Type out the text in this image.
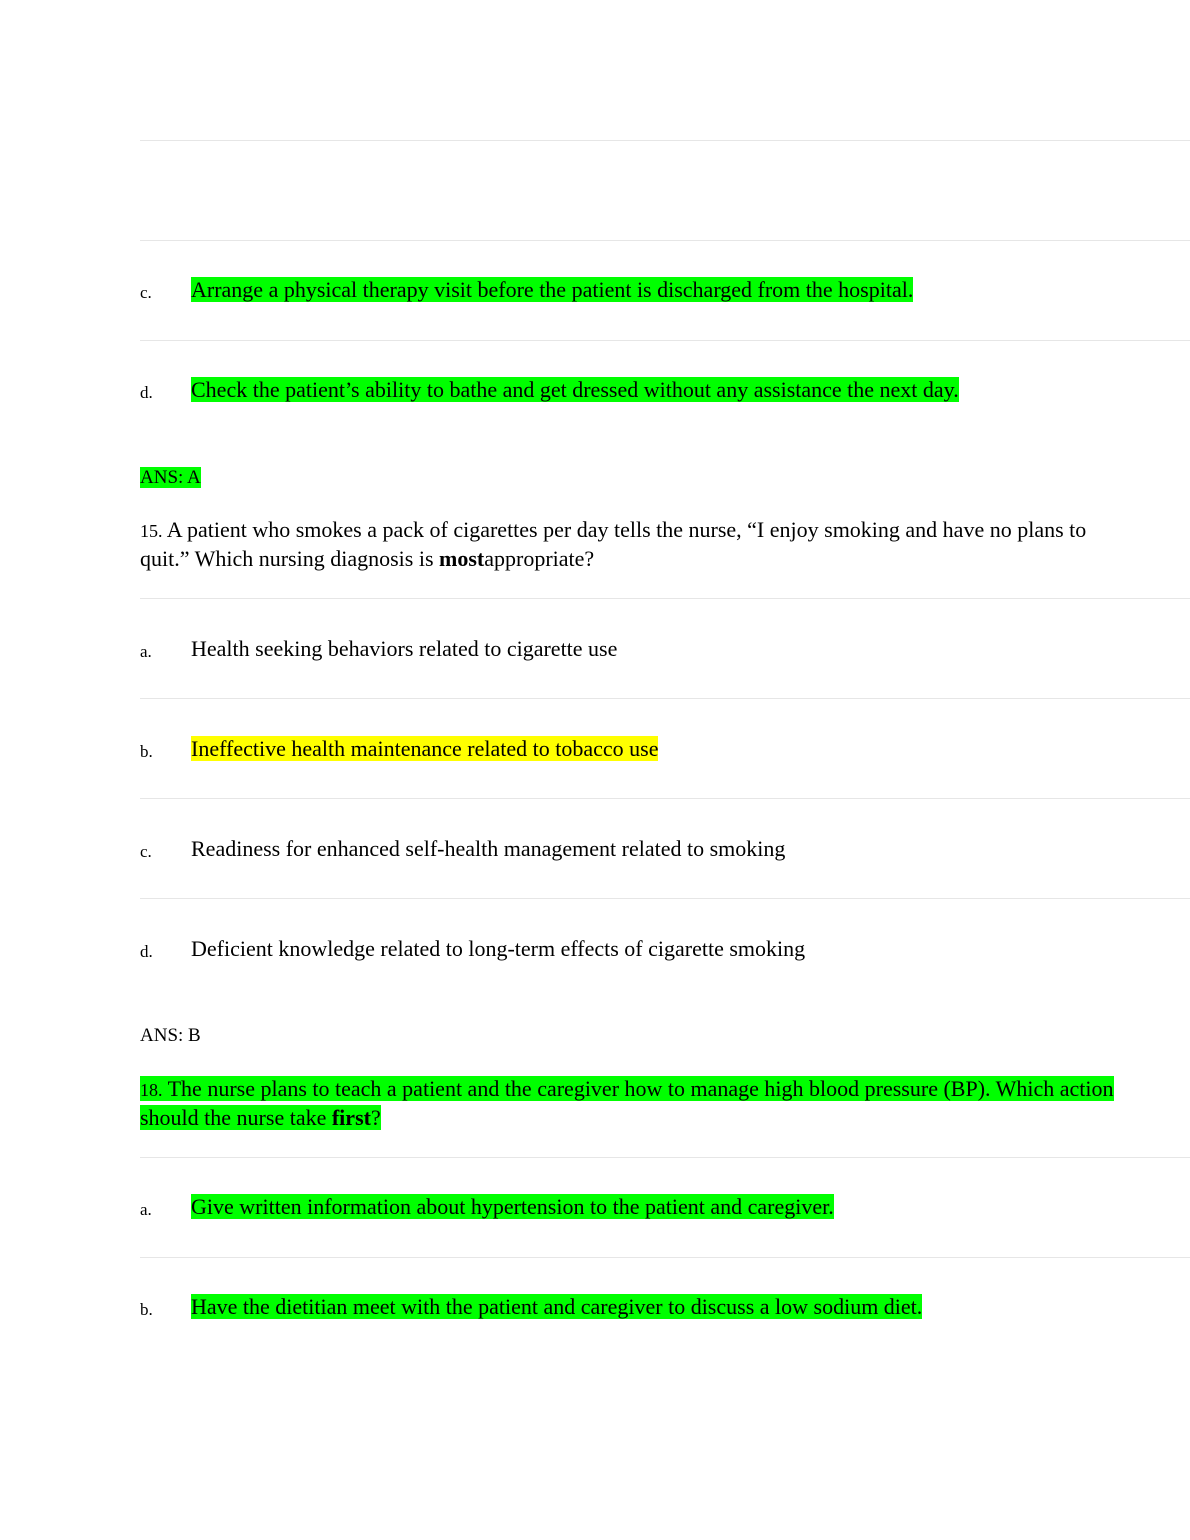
c. Arrange a physical therapy visit before the patient is discharged from the hospital.
d. Check the patient’s ability to bathe and get dressed without any assistance the next day.
ANS: A
15. A patient who smokes a pack of cigarettes per day tells the nurse, “I enjoy smoking and have no plans to quit.” Which nursing diagnosis is mostappropriate?
a. Health seeking behaviors related to cigarette use
b. Ineffective health maintenance related to tobacco use
c. Readiness for enhanced self-health management related to smoking
d. Deficient knowledge related to long-term effects of cigarette smoking
ANS: B
18. The nurse plans to teach a patient and the caregiver how to manage high blood pressure (BP). Which action should the nurse take first?
a. Give written information about hypertension to the patient and caregiver.
b. Have the dietitian meet with the patient and caregiver to discuss a low sodium diet.
